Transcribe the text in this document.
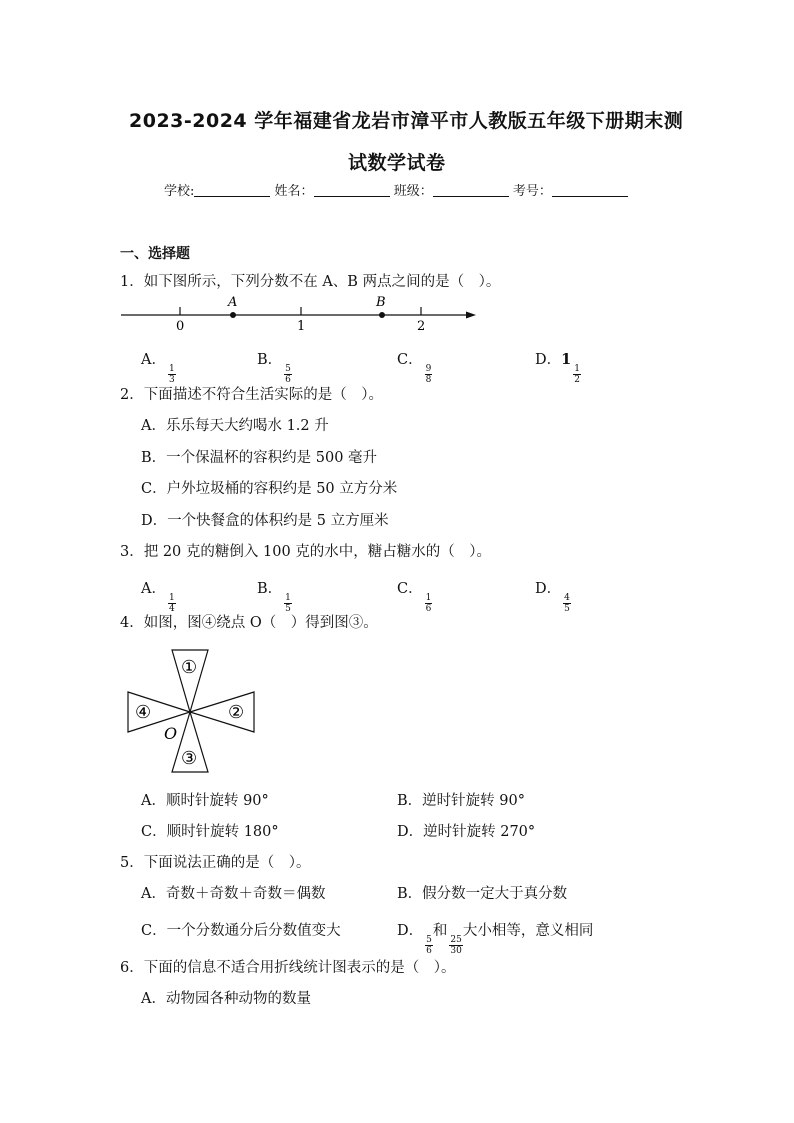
2023-2024 学年福建省龙岩市漳平市人教版五年级下册期末测
试数学试卷
学校:	姓名：	班级：	考号：
一、选择题
1．如下图所示，下列分数不在 A、B 两点之间的是（　）。
A	B
0	1	2
A．
$\frac{1}{3}$
B．
$\frac{5}{6}$
C．
$\frac{9}{8}$
D．1
$\frac{1}{2}$
2．下面描述不符合生活实际的是（　）。
A．乐乐每天大约喝水 1.2 升
B．一个保温杯的容积约是 500 毫升
C．户外垃圾桶的容积约是 50 立方分米
D．一个快餐盒的体积约是 5 立方厘米
3．把 20 克的糖倒入 100 克的水中，糖占糖水的（　）。
A．
$\frac{1}{4}$
B．
$\frac{1}{5}$
C．
$\frac{1}{6}$
D．
$\frac{4}{5}$
4．如图，图④绕点 O（　）得到图③。
①
②
③
④
O
A．顺时针旋转 90°	B．逆时针旋转 90°
C．顺时针旋转 180°	D．逆时针旋转 270°
5．下面说法正确的是（　）。
A．奇数＋奇数＋奇数＝偶数	B．假分数一定大于真分数
C．一个分数通分后分数值变大	D．
$\frac{5}{6}$
和
$\frac{25}{30}$
大小相等，意义相同
6．下面的信息不适合用折线统计图表示的是（　）。
A．动物园各种动物的数量
